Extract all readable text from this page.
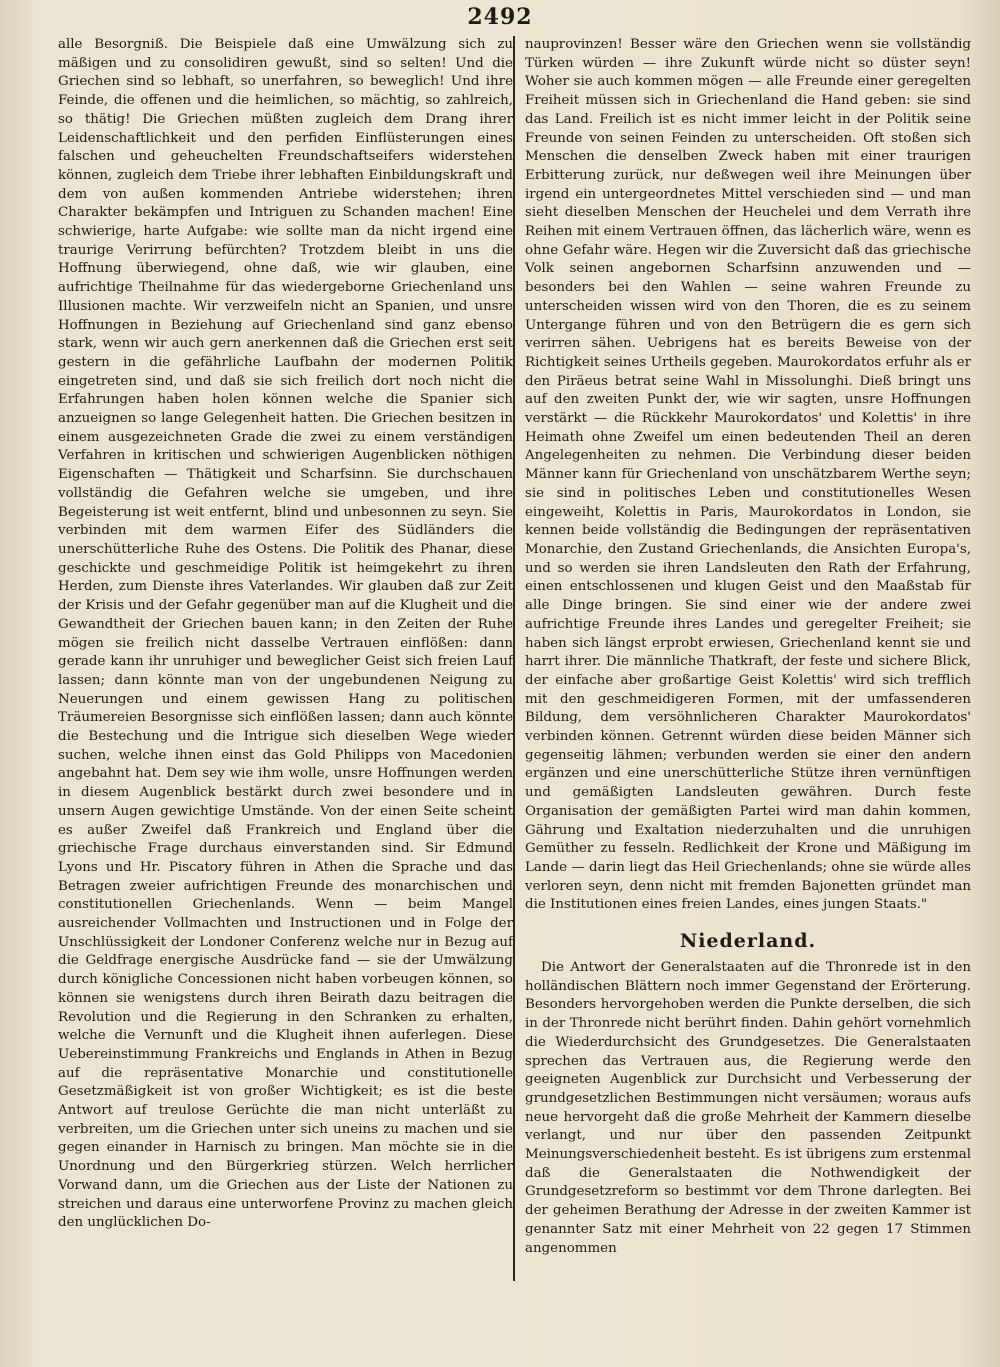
2492

alle Besorgniß. Die Beispiele daß eine Umwälzung sich zu mäßigen und zu consolidiren gewußt, sind so selten! Und die Griechen sind so lebhaft, so unerfahren, so beweglich! Und ihre Feinde, die offenen und die heimlichen, so mächtig, so zahlreich, so thätig! Die Griechen müßten zugleich dem Drang ihrer Leidenschaftlichkeit und den perfiden Einflüsterungen eines falschen und geheuchelten Freundschaftseifers widerstehen können, zugleich dem Triebe ihrer lebhaften Einbildungskraft und dem von außen kommenden Antriebe widerstehen; ihren Charakter bekämpfen und Intriguen zu Schanden machen! Eine schwierige, harte Aufgabe: wie sollte man da nicht irgend eine traurige Verirrung befürchten? Trotzdem bleibt in uns die Hoffnung überwiegend, ohne daß, wie wir glauben, eine aufrichtige Theilnahme für das wiedergeborne Griechenland uns Illusionen machte. Wir verzweifeln nicht an Spanien, und unsre Hoffnungen in Beziehung auf Griechenland sind ganz ebenso stark, wenn wir auch gern anerkennen daß die Griechen erst seit gestern in die gefährliche Laufbahn der modernen Politik eingetreten sind, und daß sie sich freilich dort noch nicht die Erfahrungen haben holen können welche die Spanier sich anzueignen so lange Gelegenheit hatten. Die Griechen besitzen in einem ausgezeichneten Grade die zwei zu einem verständigen Verfahren in kritischen und schwierigen Augenblicken nöthigen Eigenschaften — Thätigkeit und Scharfsinn. Sie durchschauen vollständig die Gefahren welche sie umgeben, und ihre Begeisterung ist weit entfernt, blind und unbesonnen zu seyn. Sie verbinden mit dem warmen Eifer des Südländers die unerschütterliche Ruhe des Ostens. Die Politik des Phanar, diese geschickte und geschmeidige Politik ist heimgekehrt zu ihren Herden, zum Dienste ihres Vaterlandes. Wir glauben daß zur Zeit der Krisis und der Gefahr gegenüber man auf die Klugheit und die Gewandtheit der Griechen bauen kann; in den Zeiten der Ruhe mögen sie freilich nicht dasselbe Vertrauen einflößen: dann gerade kann ihr unruhiger und beweglicher Geist sich freien Lauf lassen; dann könnte man von der ungebundenen Neigung zu Neuerungen und einem gewissen Hang zu politischen Träumereien Besorgnisse sich einflößen lassen; dann auch könnte die Bestechung und die Intrigue sich dieselben Wege wieder suchen, welche ihnen einst das Gold Philipps von Macedonien angebahnt hat. Dem sey wie ihm wolle, unsre Hoffnungen werden in diesem Augenblick bestärkt durch zwei besondere und in unsern Augen gewichtige Umstände. Von der einen Seite scheint es außer Zweifel daß Frankreich und England über die griechische Frage durchaus einverstanden sind. Sir Edmund Lyons und Hr. Piscatory führen in Athen die Sprache und das Betragen zweier aufrichtigen Freunde des monarchischen und constitutionellen Griechenlands. Wenn — beim Mangel ausreichender Vollmachten und Instructionen und in Folge der Unschlüssigkeit der Londoner Conferenz welche nur in Bezug auf die Geldfrage energische Ausdrücke fand — sie der Umwälzung durch königliche Concessionen nicht haben vorbeugen können, so können sie wenigstens durch ihren Beirath dazu beitragen die Revolution und die Regierung in den Schranken zu erhalten, welche die Vernunft und die Klugheit ihnen auferlegen. Diese Uebereinstimmung Frankreichs und Englands in Athen in Bezug auf die repräsentative Monarchie und constitutionelle Gesetzmäßigkeit ist von großer Wichtigkeit; es ist die beste Antwort auf treulose Gerüchte die man nicht unterläßt zu verbreiten, um die Griechen unter sich uneins zu machen und sie gegen einander in Harnisch zu bringen. Man möchte sie in die Unordnung und den Bürgerkrieg stürzen. Welch herrlicher Vorwand dann, um die Griechen aus der Liste der Nationen zu streichen und daraus eine unterworfene Provinz zu machen gleich den unglücklichen Do-

nauprovinzen! Besser wäre den Griechen wenn sie vollständig Türken würden — ihre Zukunft würde nicht so düster seyn! Woher sie auch kommen mögen — alle Freunde einer geregelten Freiheit müssen sich in Griechenland die Hand geben: sie sind das Land. Freilich ist es nicht immer leicht in der Politik seine Freunde von seinen Feinden zu unterscheiden. Oft stoßen sich Menschen die denselben Zweck haben mit einer traurigen Erbitterung zurück, nur deßwegen weil ihre Meinungen über irgend ein untergeordnetes Mittel verschieden sind — und man sieht dieselben Menschen der Heuchelei und dem Verrath ihre Reihen mit einem Vertrauen öffnen, das lächerlich wäre, wenn es ohne Gefahr wäre. Hegen wir die Zuversicht daß das griechische Volk seinen angebornen Scharfsinn anzuwenden und — besonders bei den Wahlen — seine wahren Freunde zu unterscheiden wissen wird von den Thoren, die es zu seinem Untergange führen und von den Betrügern die es gern sich verirren sähen. Uebrigens hat es bereits Beweise von der Richtigkeit seines Urtheils gegeben. Maurokordatos erfuhr als er den Piräeus betrat seine Wahl in Missolunghi. Dieß bringt uns auf den zweiten Punkt der, wie wir sagten, unsre Hoffnungen verstärkt — die Rückkehr Maurokordatos' und Kolettis' in ihre Heimath ohne Zweifel um einen bedeutenden Theil an deren Angelegenheiten zu nehmen. Die Verbindung dieser beiden Männer kann für Griechenland von unschätzbarem Werthe seyn; sie sind in politisches Leben und constitutionelles Wesen eingeweiht, Kolettis in Paris, Maurokordatos in London, sie kennen beide vollständig die Bedingungen der repräsentativen Monarchie, den Zustand Griechenlands, die Ansichten Europa's, und so werden sie ihren Landsleuten den Rath der Erfahrung, einen entschlossenen und klugen Geist und den Maaßstab für alle Dinge bringen. Sie sind einer wie der andere zwei aufrichtige Freunde ihres Landes und geregelter Freiheit; sie haben sich längst erprobt erwiesen, Griechenland kennt sie und harrt ihrer. Die männliche Thatkraft, der feste und sichere Blick, der einfache aber großartige Geist Kolettis' wird sich trefflich mit den geschmeidigeren Formen, mit der umfassenderen Bildung, dem versöhnlicheren Charakter Maurokordatos' verbinden können. Getrennt würden diese beiden Männer sich gegenseitig lähmen; verbunden werden sie einer den andern ergänzen und eine unerschütterliche Stütze ihren vernünftigen und gemäßigten Landsleuten gewähren. Durch feste Organisation der gemäßigten Partei wird man dahin kommen, Gährung und Exaltation niederzuhalten und die unruhigen Gemüther zu fesseln. Redlichkeit der Krone und Mäßigung im Lande — darin liegt das Heil Griechenlands; ohne sie würde alles verloren seyn, denn nicht mit fremden Bajonetten gründet man die Institutionen eines freien Landes, eines jungen Staats."

Niederland.

Die Antwort der Generalstaaten auf die Thronrede ist in den holländischen Blättern noch immer Gegenstand der Erörterung. Besonders hervorgehoben werden die Punkte derselben, die sich in der Thronrede nicht berührt finden. Dahin gehört vornehmlich die Wiederdurchsicht des Grundgesetzes. Die Generalstaaten sprechen das Vertrauen aus, die Regierung werde den geeigneten Augenblick zur Durchsicht und Verbesserung der grundgesetzlichen Bestimmungen nicht versäumen; woraus aufs neue hervorgeht daß die große Mehrheit der Kammern dieselbe verlangt, und nur über den passenden Zeitpunkt Meinungsverschiedenheit besteht. Es ist übrigens zum erstenmal daß die Generalstaaten die Nothwendigkeit der Grundgesetzreform so bestimmt vor dem Throne darlegten. Bei der geheimen Berathung der Adresse in der zweiten Kammer ist genannter Satz mit einer Mehrheit von 22 gegen 17 Stimmen angenommen
